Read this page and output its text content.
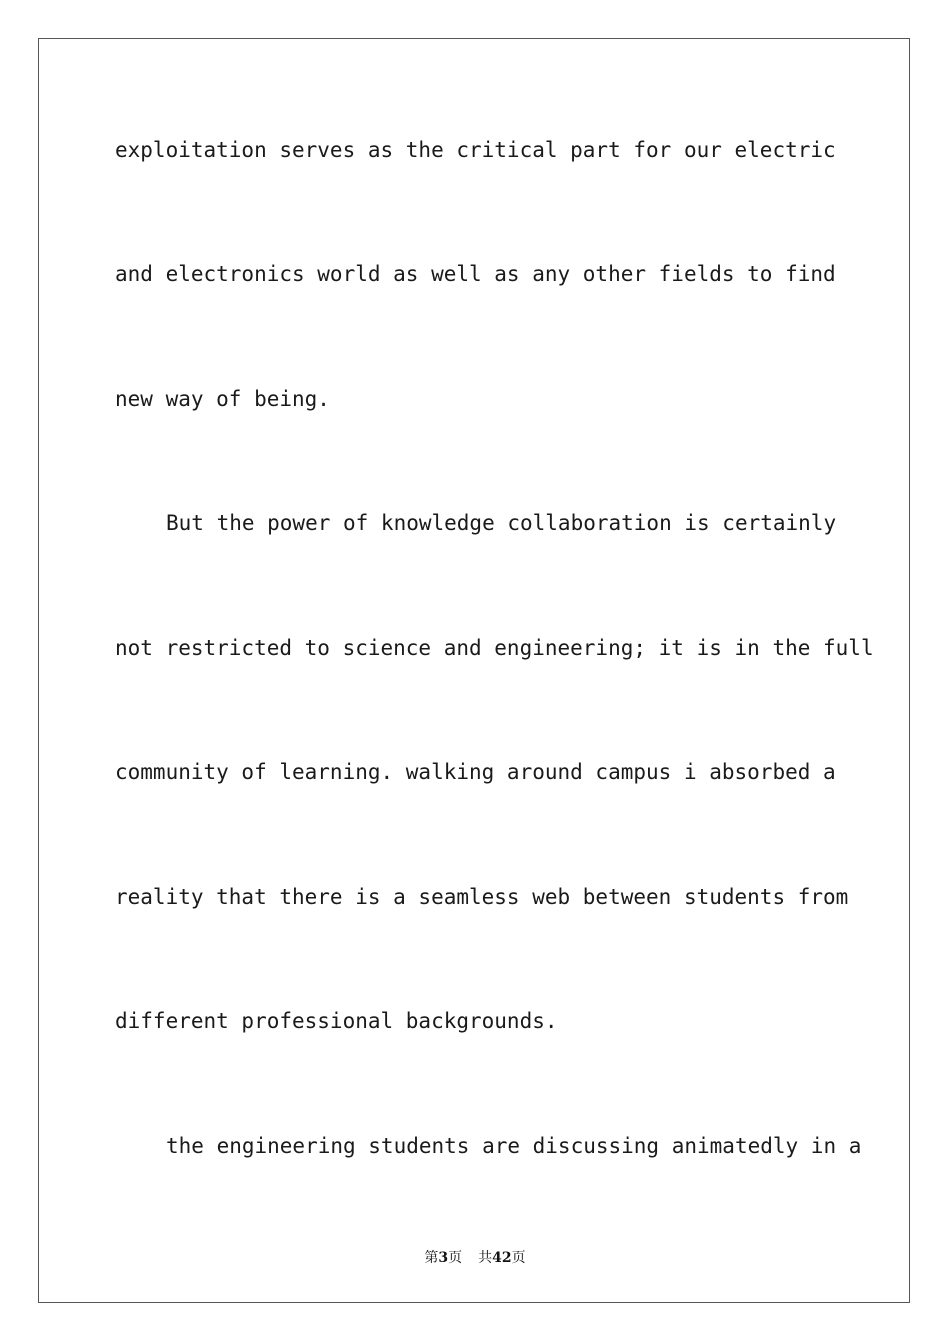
exploitation serves as the critical part for our electric
and electronics world as well as any other fields to find
new way of being.
But the power of knowledge collaboration is certainly
not restricted to science and engineering; it is in the full
community of learning. walking around campus i absorbed a
reality that there is a seamless web between students from
different professional backgrounds.
the engineering students are discussing animatedly in a
第3页 共42页
